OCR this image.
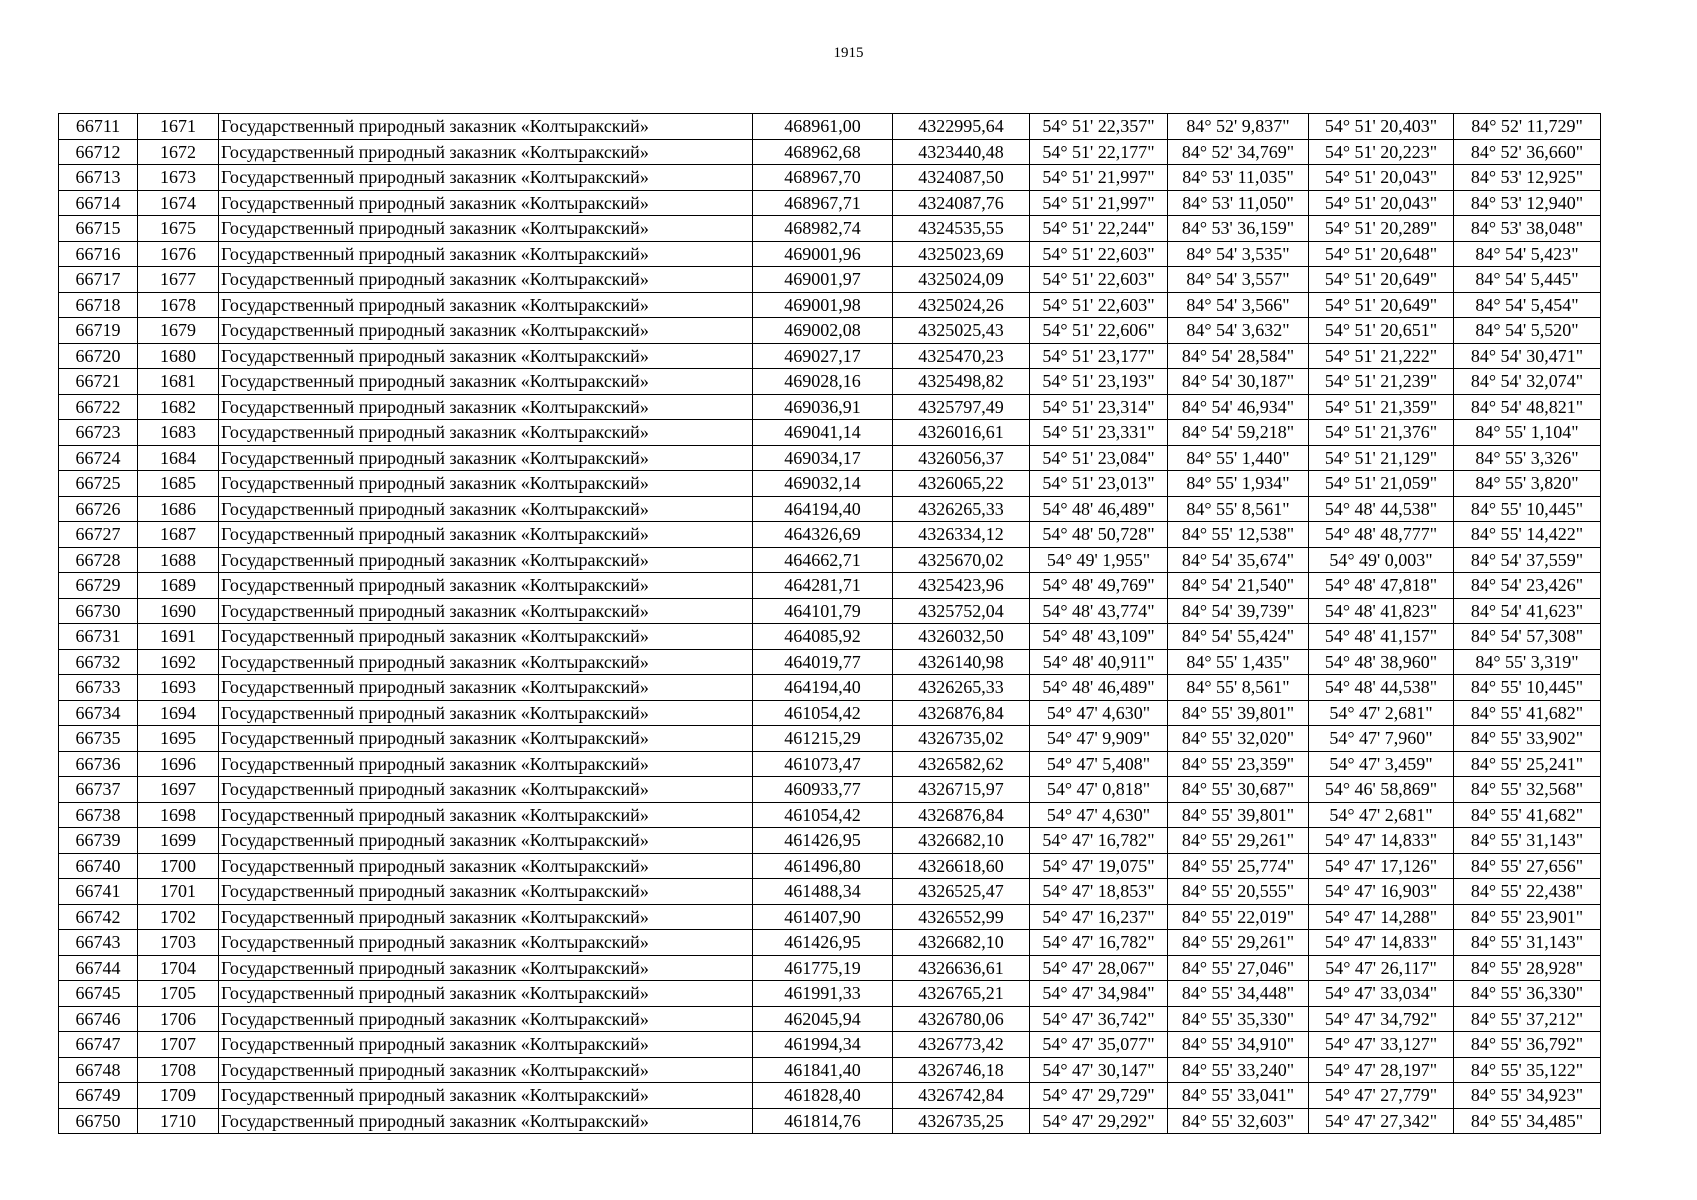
1915
66711	1671	Государственный природный заказник «Колтыракский»	468961,00	4322995,64	54° 51' 22,357"	84° 52' 9,837"	54° 51' 20,403"	84° 52' 11,729"
66712	1672	Государственный природный заказник «Колтыракский»	468962,68	4323440,48	54° 51' 22,177"	84° 52' 34,769"	54° 51' 20,223"	84° 52' 36,660"
66713	1673	Государственный природный заказник «Колтыракский»	468967,70	4324087,50	54° 51' 21,997"	84° 53' 11,035"	54° 51' 20,043"	84° 53' 12,925"
66714	1674	Государственный природный заказник «Колтыракский»	468967,71	4324087,76	54° 51' 21,997"	84° 53' 11,050"	54° 51' 20,043"	84° 53' 12,940"
66715	1675	Государственный природный заказник «Колтыракский»	468982,74	4324535,55	54° 51' 22,244"	84° 53' 36,159"	54° 51' 20,289"	84° 53' 38,048"
66716	1676	Государственный природный заказник «Колтыракский»	469001,96	4325023,69	54° 51' 22,603"	84° 54' 3,535"	54° 51' 20,648"	84° 54' 5,423"
66717	1677	Государственный природный заказник «Колтыракский»	469001,97	4325024,09	54° 51' 22,603"	84° 54' 3,557"	54° 51' 20,649"	84° 54' 5,445"
66718	1678	Государственный природный заказник «Колтыракский»	469001,98	4325024,26	54° 51' 22,603"	84° 54' 3,566"	54° 51' 20,649"	84° 54' 5,454"
66719	1679	Государственный природный заказник «Колтыракский»	469002,08	4325025,43	54° 51' 22,606"	84° 54' 3,632"	54° 51' 20,651"	84° 54' 5,520"
66720	1680	Государственный природный заказник «Колтыракский»	469027,17	4325470,23	54° 51' 23,177"	84° 54' 28,584"	54° 51' 21,222"	84° 54' 30,471"
66721	1681	Государственный природный заказник «Колтыракский»	469028,16	4325498,82	54° 51' 23,193"	84° 54' 30,187"	54° 51' 21,239"	84° 54' 32,074"
66722	1682	Государственный природный заказник «Колтыракский»	469036,91	4325797,49	54° 51' 23,314"	84° 54' 46,934"	54° 51' 21,359"	84° 54' 48,821"
66723	1683	Государственный природный заказник «Колтыракский»	469041,14	4326016,61	54° 51' 23,331"	84° 54' 59,218"	54° 51' 21,376"	84° 55' 1,104"
66724	1684	Государственный природный заказник «Колтыракский»	469034,17	4326056,37	54° 51' 23,084"	84° 55' 1,440"	54° 51' 21,129"	84° 55' 3,326"
66725	1685	Государственный природный заказник «Колтыракский»	469032,14	4326065,22	54° 51' 23,013"	84° 55' 1,934"	54° 51' 21,059"	84° 55' 3,820"
66726	1686	Государственный природный заказник «Колтыракский»	464194,40	4326265,33	54° 48' 46,489"	84° 55' 8,561"	54° 48' 44,538"	84° 55' 10,445"
66727	1687	Государственный природный заказник «Колтыракский»	464326,69	4326334,12	54° 48' 50,728"	84° 55' 12,538"	54° 48' 48,777"	84° 55' 14,422"
66728	1688	Государственный природный заказник «Колтыракский»	464662,71	4325670,02	54° 49' 1,955"	84° 54' 35,674"	54° 49' 0,003"	84° 54' 37,559"
66729	1689	Государственный природный заказник «Колтыракский»	464281,71	4325423,96	54° 48' 49,769"	84° 54' 21,540"	54° 48' 47,818"	84° 54' 23,426"
66730	1690	Государственный природный заказник «Колтыракский»	464101,79	4325752,04	54° 48' 43,774"	84° 54' 39,739"	54° 48' 41,823"	84° 54' 41,623"
66731	1691	Государственный природный заказник «Колтыракский»	464085,92	4326032,50	54° 48' 43,109"	84° 54' 55,424"	54° 48' 41,157"	84° 54' 57,308"
66732	1692	Государственный природный заказник «Колтыракский»	464019,77	4326140,98	54° 48' 40,911"	84° 55' 1,435"	54° 48' 38,960"	84° 55' 3,319"
66733	1693	Государственный природный заказник «Колтыракский»	464194,40	4326265,33	54° 48' 46,489"	84° 55' 8,561"	54° 48' 44,538"	84° 55' 10,445"
66734	1694	Государственный природный заказник «Колтыракский»	461054,42	4326876,84	54° 47' 4,630"	84° 55' 39,801"	54° 47' 2,681"	84° 55' 41,682"
66735	1695	Государственный природный заказник «Колтыракский»	461215,29	4326735,02	54° 47' 9,909"	84° 55' 32,020"	54° 47' 7,960"	84° 55' 33,902"
66736	1696	Государственный природный заказник «Колтыракский»	461073,47	4326582,62	54° 47' 5,408"	84° 55' 23,359"	54° 47' 3,459"	84° 55' 25,241"
66737	1697	Государственный природный заказник «Колтыракский»	460933,77	4326715,97	54° 47' 0,818"	84° 55' 30,687"	54° 46' 58,869"	84° 55' 32,568"
66738	1698	Государственный природный заказник «Колтыракский»	461054,42	4326876,84	54° 47' 4,630"	84° 55' 39,801"	54° 47' 2,681"	84° 55' 41,682"
66739	1699	Государственный природный заказник «Колтыракский»	461426,95	4326682,10	54° 47' 16,782"	84° 55' 29,261"	54° 47' 14,833"	84° 55' 31,143"
66740	1700	Государственный природный заказник «Колтыракский»	461496,80	4326618,60	54° 47' 19,075"	84° 55' 25,774"	54° 47' 17,126"	84° 55' 27,656"
66741	1701	Государственный природный заказник «Колтыракский»	461488,34	4326525,47	54° 47' 18,853"	84° 55' 20,555"	54° 47' 16,903"	84° 55' 22,438"
66742	1702	Государственный природный заказник «Колтыракский»	461407,90	4326552,99	54° 47' 16,237"	84° 55' 22,019"	54° 47' 14,288"	84° 55' 23,901"
66743	1703	Государственный природный заказник «Колтыракский»	461426,95	4326682,10	54° 47' 16,782"	84° 55' 29,261"	54° 47' 14,833"	84° 55' 31,143"
66744	1704	Государственный природный заказник «Колтыракский»	461775,19	4326636,61	54° 47' 28,067"	84° 55' 27,046"	54° 47' 26,117"	84° 55' 28,928"
66745	1705	Государственный природный заказник «Колтыракский»	461991,33	4326765,21	54° 47' 34,984"	84° 55' 34,448"	54° 47' 33,034"	84° 55' 36,330"
66746	1706	Государственный природный заказник «Колтыракский»	462045,94	4326780,06	54° 47' 36,742"	84° 55' 35,330"	54° 47' 34,792"	84° 55' 37,212"
66747	1707	Государственный природный заказник «Колтыракский»	461994,34	4326773,42	54° 47' 35,077"	84° 55' 34,910"	54° 47' 33,127"	84° 55' 36,792"
66748	1708	Государственный природный заказник «Колтыракский»	461841,40	4326746,18	54° 47' 30,147"	84° 55' 33,240"	54° 47' 28,197"	84° 55' 35,122"
66749	1709	Государственный природный заказник «Колтыракский»	461828,40	4326742,84	54° 47' 29,729"	84° 55' 33,041"	54° 47' 27,779"	84° 55' 34,923"
66750	1710	Государственный природный заказник «Колтыракский»	461814,76	4326735,25	54° 47' 29,292"	84° 55' 32,603"	54° 47' 27,342"	84° 55' 34,485"
